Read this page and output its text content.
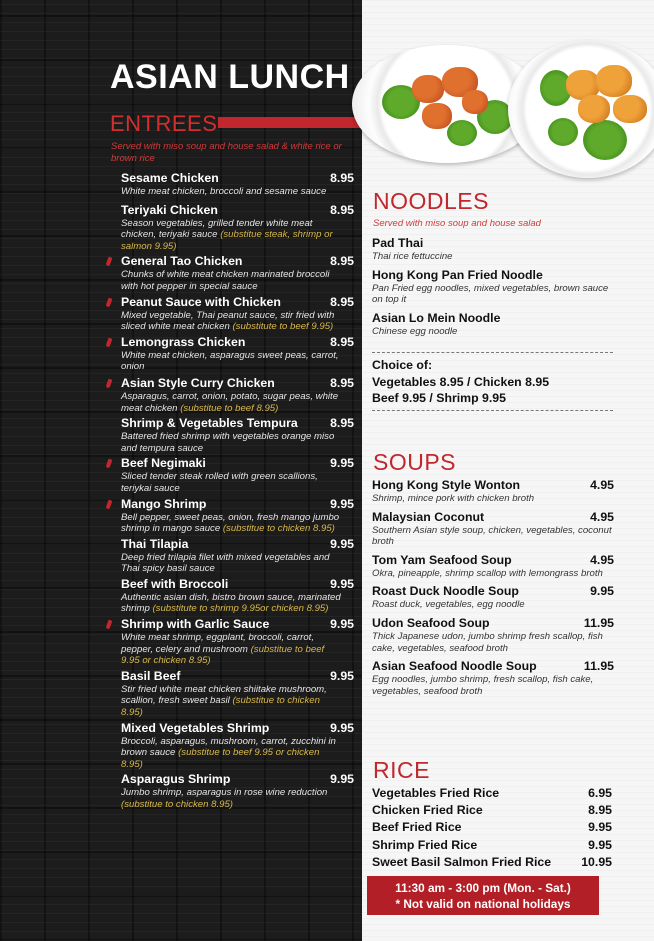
ASIAN LUNCH
ENTREES
Served with miso soup and house salad & white rice or brown rice
Sesame Chicken	8.95
White meat chicken, broccoli and sesame sauce
Teriyaki Chicken	8.95
Season vegetables, grilled tender white meat chicken, teriyaki sauce (substitue steak, shrimp or salmon 9.95)
General Tao Chicken	8.95
Chunks of white meat chicken marinated broccoli with hot pepper in special sauce
Peanut Sauce with Chicken	8.95
Mixed vegetable, Thai peanut sauce, stir fried with sliced white meat chicken (substitute to beef 9.95)
Lemongrass Chicken	8.95
White meat chicken, asparagus sweet peas, carrot, onion
Asian Style Curry Chicken	8.95
Asparagus, carrot, onion, potato, sugar peas, white meat chicken (substitue to beef 8.95)
Shrimp & Vegetables Tempura	8.95
Battered fried shrimp with vegetables orange miso and tempura sauce
Beef Negimaki	9.95
Sliced tender steak rolled with green scallions, teriykai sauce
Mango Shrimp	9.95
Bell pepper, sweet peas, onion, fresh mango jumbo shrimp in mango sauce (substitue to chicken 8.95)
Thai Tilapia	9.95
Deep fried trilapia filet with mixed vegetables and Thai spicy basil sauce
Beef with Broccoli	9.95
Authentic asian dish, bistro brown sauce, marinated shrimp (substitute to shrimp 9.95or chicken 8.95)
Shrimp with Garlic Sauce	9.95
White meat shrimp, eggplant, broccoli, carrot, pepper, celery and mushroom (substitue to beef 9.95 or chicken 8.95)
Basil Beef	9.95
Stir fried white meat chicken shiitake mushroom, scallion, fresh sweet basil (substitue to chicken 8.95)
Mixed Vegetables Shrimp	9.95
Broccoli, asparagus, mushroom, carrot, zucchini in brown sauce (substitue to beef 9.95 or chicken 8.95)
Asparagus Shrimp	9.95
Jumbo shrimp, asparagus in rose wine reduction (substitue to chicken 8.95)
NOODLES
Served with miso soup and house salad
Pad Thai
Thai rice fettuccine
Hong Kong Pan Fried Noodle
Pan Fried egg noodles, mixed vegetables, brown sauce on top it
Asian Lo Mein Noodle
Chinese egg noodle
Choice of:
Vegetables 8.95 / Chicken 8.95
Beef 9.95 / Shrimp 9.95
SOUPS
Hong Kong Style Wonton	4.95
Shrimp, mince pork with chicken broth
Malaysian Coconut	4.95
Southern Asian style soup, chicken, vegetables, coconut broth
Tom Yam Seafood Soup	4.95
Okra, pineapple, shrimp scallop with lemongrass broth
Roast Duck Noodle Soup	9.95
Roast duck, vegetables, egg noodle
Udon Seafood Soup	11.95
Thick Japanese udon, jumbo shrimp fresh scallop, fish cake, vegetables, seafood broth
Asian Seafood Noodle Soup	11.95
Egg noodles, jumbo shrimp, fresh scallop, fish cake, vegetables, seafood broth
RICE
Vegetables Fried Rice	6.95
Chicken Fried Rice	8.95
Beef Fried Rice	9.95
Shrimp Fried Rice	9.95
Sweet Basil Salmon Fried Rice 10.95
11:30 am - 3:00 pm (Mon. - Sat.)
* Not valid on national holidays
